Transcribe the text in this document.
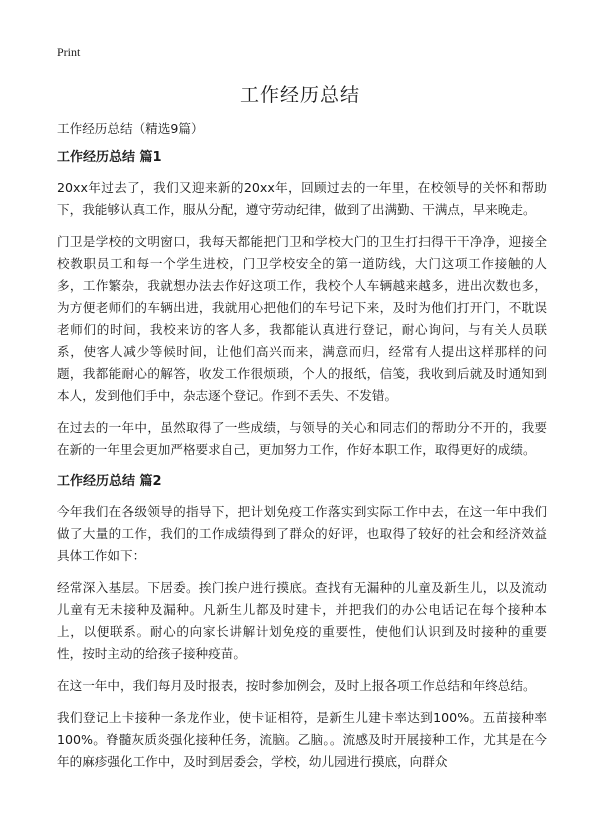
Print
工作经历总结

工作经历总结（精选9篇）

工作经历总结 篇1

20xx年过去了，我们又迎来新的20xx年，回顾过去的一年里，在校领导的关怀和帮助下，我能够认真工作，服从分配，遵守劳动纪律，做到了出满勤、干满点，早来晚走。

门卫是学校的文明窗口，我每天都能把门卫和学校大门的卫生打扫得干干净净，迎接全校教职员工和每一个学生进校，门卫学校安全的第一道防线，大门这项工作接触的人多，工作繁杂，我就想办法去作好这项工作，我校个人车辆越来越多，进出次数也多，为方便老师们的车辆出进，我就用心把他们的车号记下来，及时为他们打开门，不耽误老师们的时间，我校来访的客人多，我都能认真进行登记，耐心询问，与有关人员联系，使客人减少等候时间，让他们高兴而来，满意而归，经常有人提出这样那样的问题，我都能耐心的解答，收发工作很烦琐，个人的报纸，信笺，我收到后就及时通知到本人，发到他们手中，杂志逐个登记。作到不丢失、不发错。

在过去的一年中，虽然取得了一些成绩，与领导的关心和同志们的帮助分不开的，我要在新的一年里会更加严格要求自己，更加努力工作，作好本职工作，取得更好的成绩。

工作经历总结 篇2

今年我们在各级领导的指导下，把计划免疫工作落实到实际工作中去，在这一年中我们做了大量的工作，我们的工作成绩得到了群众的好评，也取得了较好的社会和经济效益具体工作如下：

经常深入基层。下居委。挨门挨户进行摸底。查找有无漏种的儿童及新生儿，以及流动儿童有无未接种及漏种。凡新生儿都及时建卡，并把我们的办公电话记在每个接种本上，以便联系。耐心的向家长讲解计划免疫的重要性，使他们认识到及时接种的重要性，按时主动的给孩子接种疫苗。

在这一年中，我们每月及时报表，按时参加例会，及时上报各项工作总结和年终总结。

我们登记上卡接种一条龙作业，使卡证相符，是新生儿建卡率达到100%。五苗接种率100%。脊髓灰质炎强化接种任务，流脑。乙脑。。流感及时开展接种工作，尤其是在今年的麻疹强化工作中，及时到居委会，学校，幼儿园进行摸底，向群众
